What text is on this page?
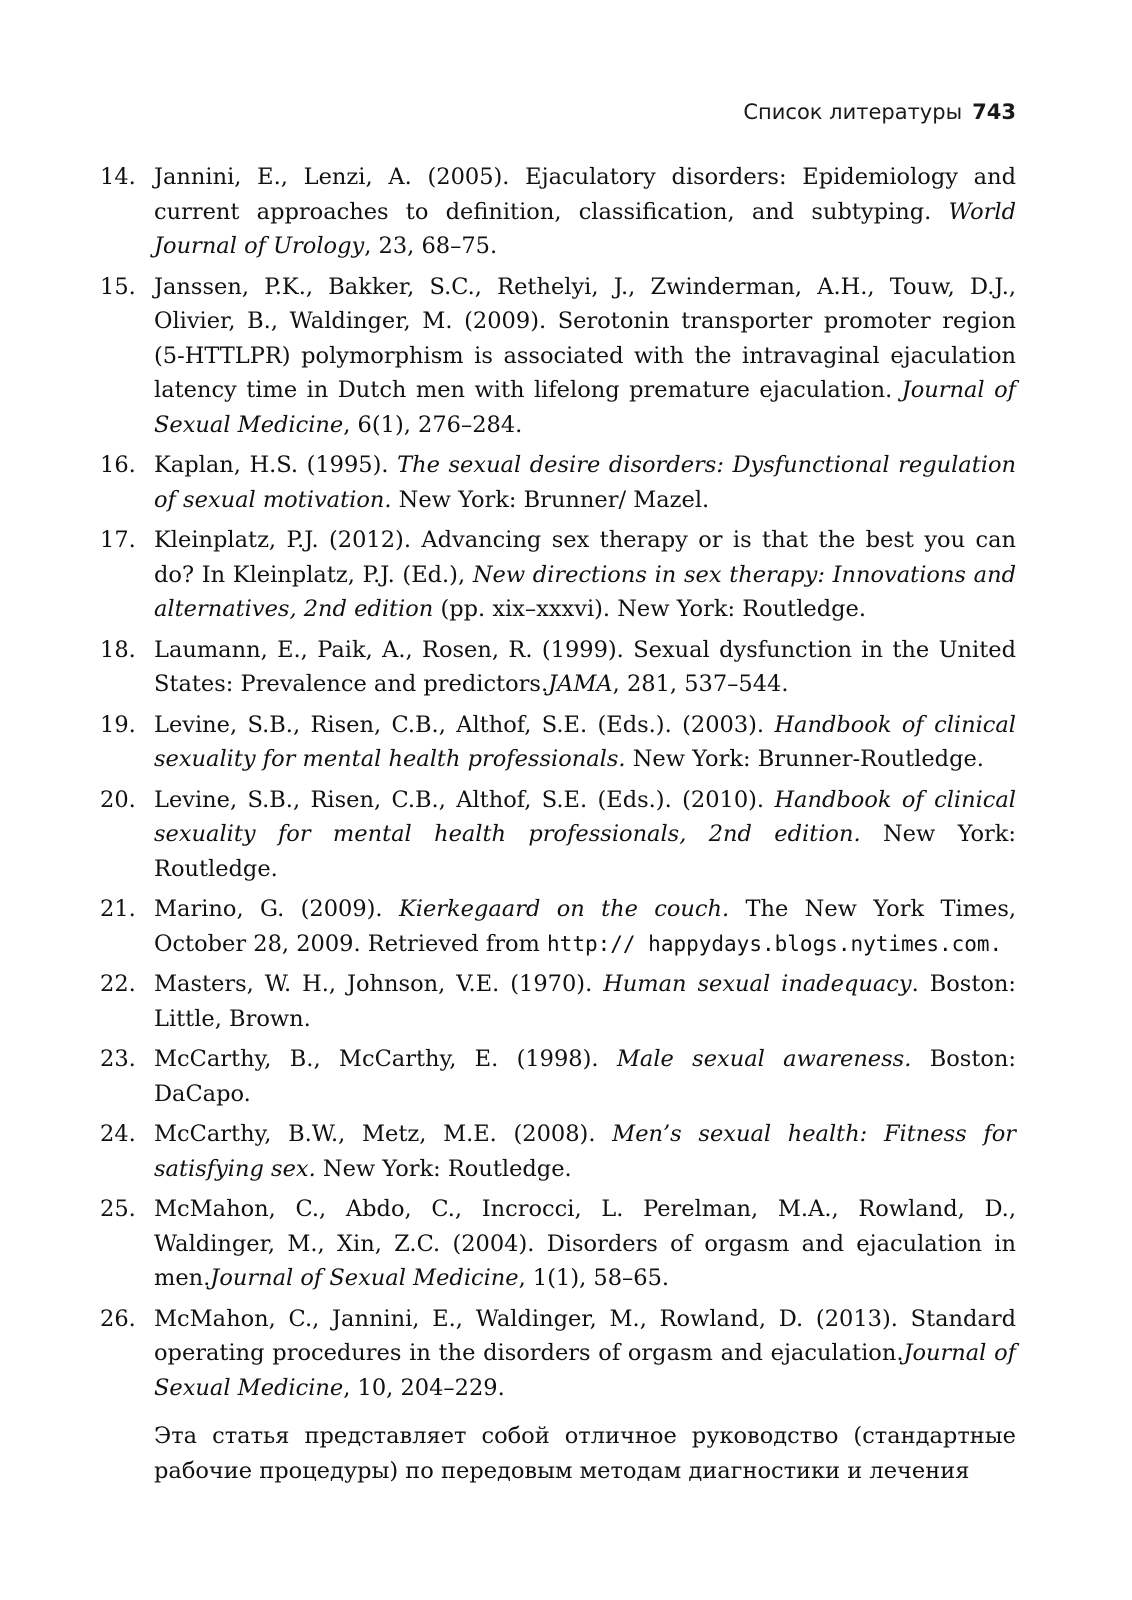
Список литературы 743
14. Jannini, E., Lenzi, A. (2005). Ejaculatory disorders: Epidemiology and current approaches to definition, classification, and subtyping. World Journal of Urology, 23, 68–75.
15. Janssen, P.K., Bakker, S.C., Rethelyi, J., Zwinderman, A.H., Touw, D.J., Olivier, B., Waldinger, M. (2009). Serotonin transporter promoter region (5-HTTLPR) polymorphism is associated with the intravaginal ejaculation latency time in Dutch men with lifelong premature ejaculation. Journal of Sexual Medicine, 6(1), 276–284.
16. Kaplan, H.S. (1995). The sexual desire disorders: Dysfunctional regulation of sexual motivation. New York: Brunner/ Mazel.
17. Kleinplatz, P.J. (2012). Advancing sex therapy or is that the best you can do? In Kleinplatz, P.J. (Ed.), New directions in sex therapy: Innovations and alternatives, 2nd edition (pp. xix–xxxvi). New York: Routledge.
18. Laumann, E., Paik, A., Rosen, R. (1999). Sexual dysfunction in the United States: Prevalence and predictors.JAMA, 281, 537–544.
19. Levine, S.B., Risen, C.B., Althof, S.E. (Eds.). (2003). Handbook of clinical sexuality for mental health professionals. New York: Brunner-Routledge.
20. Levine, S.B., Risen, C.B., Althof, S.E. (Eds.). (2010). Handbook of clinical sexuality for mental health professionals, 2nd edition. New York: Routledge.
21. Marino, G. (2009). Kierkegaard on the couch. The New York Times, October 28, 2009. Retrieved from http:// happydays.blogs.nytimes.com.
22. Masters, W. H., Johnson, V.E. (1970). Human sexual inadequacy. Boston: Little, Brown.
23. McCarthy, B., McCarthy, E. (1998). Male sexual awareness. Boston: DaCapo.
24. McCarthy, B.W., Metz, M.E. (2008). Men’s sexual health: Fitness for satisfying sex. New York: Routledge.
25. McMahon, C., Abdo, C., Incrocci, L. Perelman, M.A., Rowland, D., Waldinger, M., Xin, Z.C. (2004). Disorders of orgasm and ejaculation in men.Journal of Sexual Medicine, 1(1), 58–65.
26. McMahon, C., Jannini, E., Waldinger, M., Rowland, D. (2013). Standard operating procedures in the disorders of orgasm and ejaculation.Journal of Sexual Medicine, 10, 204–229.
Эта статья представляет собой отличное руководство (стандартные рабочие процедуры) по передовым методам диагностики и лечения
